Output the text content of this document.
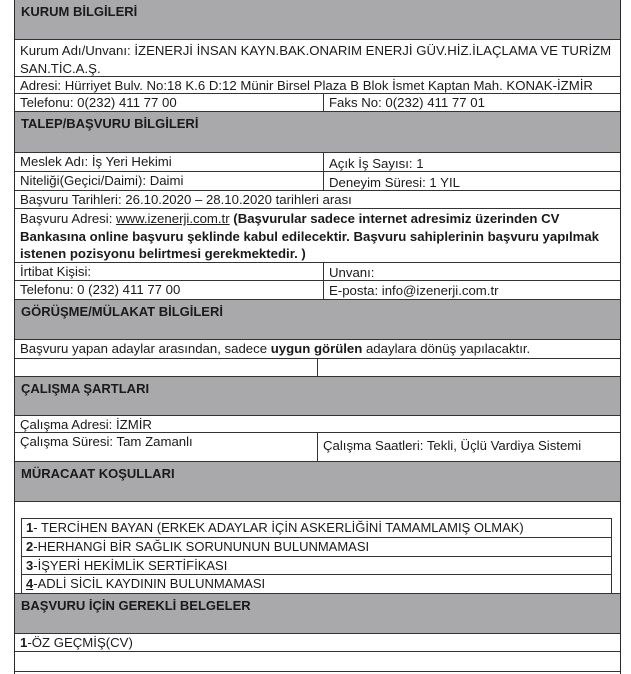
KURUM BİLGİLERİ
Kurum Adı/Unvanı: İZENERJİ İNSAN KAYN.BAK.ONARIM ENERJİ GÜV.HİZ.İLAÇLAMA VE TURİZM SAN.TİC.A.Ş.
Adresi: Hürriyet Bulv. No:18 K.6 D:12 Münir Birsel Plaza B Blok İsmet Kaptan Mah. KONAK-İZMİR
Telefonu: 0(232) 411 77 00	Faks No: 0(232) 411 77 01
TALEP/BAŞVURU BİLGİLERİ
Meslek Adı: İş Yeri Hekimi	Açık İş Sayısı: 1
Niteliği(Geçici/Daimi): Daimi	Deneyim Süresi: 1 YIL
Başvuru Tarihleri: 26.10.2020 – 28.10.2020 tarihleri arası
Başvuru Adresi: www.izenerji.com.tr (Başvurular sadece internet adresimiz üzerinden CV Bankasına online başvuru şeklinde kabul edilecektir. Başvuru sahiplerinin başvuru yapılmak istenen pozisyonu belirtmesi gerekmektedir. )
İrtibat Kişisi:	Unvanı:
Telefonu: 0 (232) 411 77 00	E-posta: info@izenerji.com.tr
GÖRÜŞME/MÜLAKAT BİLGİLERİ
Başvuru yapan adaylar arasından, sadece uygun görülen adaylara dönüş yapılacaktır.
ÇALIŞMA ŞARTLARI
Çalışma Adresi: İZMİR
Çalışma Süresi: Tam Zamanlı	Çalışma Saatleri: Tekli, Üçlü Vardiya Sistemi
MÜRACAAT KOŞULLARI
1- TERCİHEN BAYAN (ERKEK ADAYLAR İÇİN ASKERLİĞİNİ TAMAMLAMIŞ OLMAK)
2-HERHANGİ BİR SAĞLIK SORUNUNUN BULUNMAMASI
3-İŞYERİ HEKİMLİK SERTİFİKASI
4-ADLİ SİCİL KAYDININ BULUNMAMASI
BAŞVURU İÇİN GEREKLİ BELGELER
1-ÖZ GEÇMİŞ(CV)
